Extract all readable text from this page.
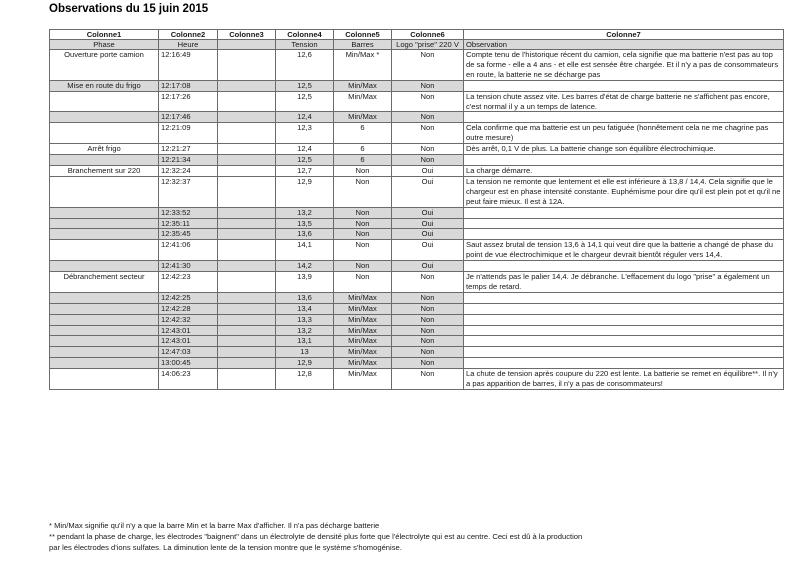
Observations du 15 juin 2015
Colonne1	Colonne2	Colonne3	Colonne4	Colonne5	Colonne6	Colonne7
Phase	Heure		Tension	Barres	Logo "prise" 220 V	Observation
Ouverture porte camion	12:16:49		12,6	Min/Max *	Non	Compte tenu de l'historique récent du camion, cela signifie que ma batterie n'est pas au top de sa forme - elle a 4 ans - et elle est sensée être chargée. Et il n'y a pas de consommateurs en route, la batterie ne se décharge pas
Mise en route du frigo	12:17:08		12,5	Min/Max	Non	
	12:17:26		12,5	Min/Max	Non	La tension chute assez vite. Les barres d'état de charge batterie ne s'affichent pas encore, c'est normal il y a un temps de latence.
	12:17:46		12,4	Min/Max	Non	
	12:21:09		12,3	6	Non	Cela confirme que ma batterie est un peu fatiguée (honnêtement cela ne me chagrine pas outre mesure)
Arrêt frigo	12:21:27		12,4	6	Non	Dès arrêt, 0,1 V de plus. La batterie change son équilibre électrochimique.
	12:21:34		12,5	6	Non	
Branchement sur 220	12:32:24		12,7	Non	Oui	La charge démarre.
	12:32:37		12,9	Non	Oui	La tension ne remonte que lentement et elle est inférieure à 13,8 / 14,4. Cela signifie que le chargeur est en phase intensité constante. Euphémisme pour dire qu'il est plein pot et qu'il ne peut faire mieux. Il est à 12A.
	12:33:52		13,2	Non	Oui	
	12:35:11		13,5	Non	Oui	
	12:35:45		13,6	Non	Oui	
	12:41:06		14,1	Non	Oui	Saut assez brutal de tension 13,6 à 14,1 qui veut dire que la batterie a changé de phase du point de vue électrochimique et le chargeur devrait bientôt réguler vers 14,4.
	12:41:30		14,2	Non	Oui	
Débranchement secteur	12:42:23		13,9	Non	Non	Je n'attends pas le palier 14,4. Je débranche. L'effacement du logo "prise" a également un temps de retard.
	12:42:25		13,6	Min/Max	Non	
	12:42:28		13,4	Min/Max	Non	
	12:42:32		13,3	Min/Max	Non	
	12:43:01		13,2	Min/Max	Non	
	12:43:01		13,1	Min/Max	Non	
	12:47:03		13	Min/Max	Non	
	13:00:45		12,9	Min/Max	Non	
	14:06:23		12,8	Min/Max	Non	La chute de tension après coupure du 220 est lente. La batterie se remet en équilibre**. Il n'y a pas apparition de barres, il n'y a pas de consommateurs!
* Min/Max signifie qu'il n'y a que la barre Min et la barre Max d'afficher. Il n'a pas décharge batterie
** pendant la phase de charge, les électrodes "baignent" dans un électrolyte de densité plus forte que l'électrolyte qui est au centre. Ceci est dû à la production
par les électrodes d'ions sulfates. La diminution lente de la tension montre que le système s'homogénise.
